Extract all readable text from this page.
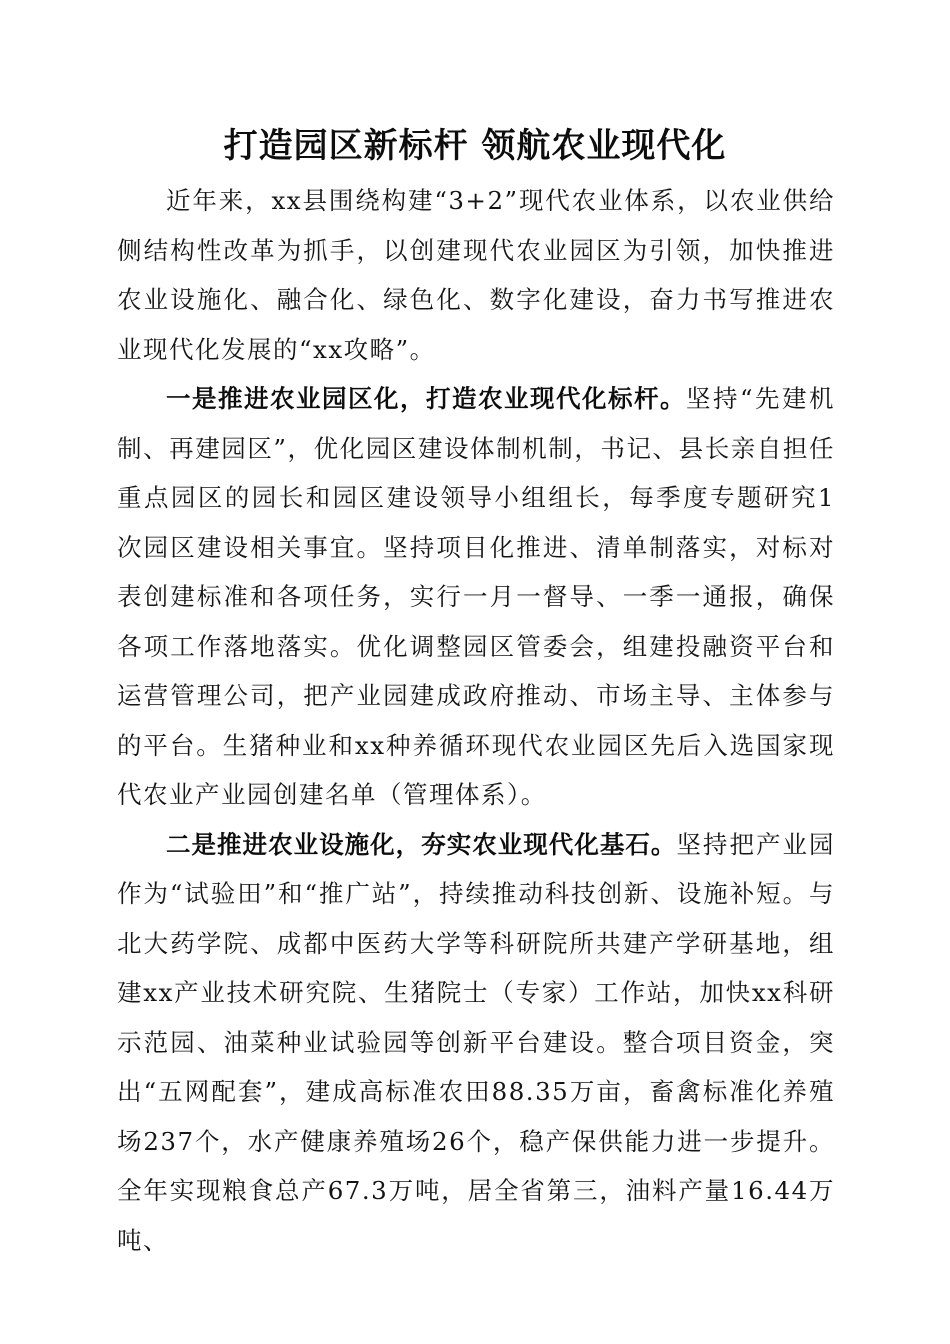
打造园区新标杆 领航农业现代化

近年来，xx县围绕构建“3+2”现代农业体系，以农业供给侧结构性改革为抓手，以创建现代农业园区为引领，加快推进农业设施化、融合化、绿色化、数字化建设，奋力书写推进农业现代化发展的“xx攻略”。

一是推进农业园区化，打造农业现代化标杆。坚持“先建机制、再建园区”，优化园区建设体制机制，书记、县长亲自担任重点园区的园长和园区建设领导小组组长，每季度专题研究1次园区建设相关事宜。坚持项目化推进、清单制落实，对标对表创建标准和各项任务，实行一月一督导、一季一通报，确保各项工作落地落实。优化调整园区管委会，组建投融资平台和运营管理公司，把产业园建成政府推动、市场主导、主体参与的平台。生猪种业和xx种养循环现代农业园区先后入选国家现代农业产业园创建名单（管理体系）。

二是推进农业设施化，夯实农业现代化基石。坚持把产业园作为“试验田”和“推广站”，持续推动科技创新、设施补短。与北大药学院、成都中医药大学等科研院所共建产学研基地，组建xx产业技术研究院、生猪院士（专家）工作站，加快xx科研示范园、油菜种业试验园等创新平台建设。整合项目资金，突出“五网配套”，建成高标准农田88.35万亩，畜禽标准化养殖场237个，水产健康养殖场26个，稳产保供能力进一步提升。全年实现粮食总产67.3万吨，居全省第三，油料产量16.44万吨、
